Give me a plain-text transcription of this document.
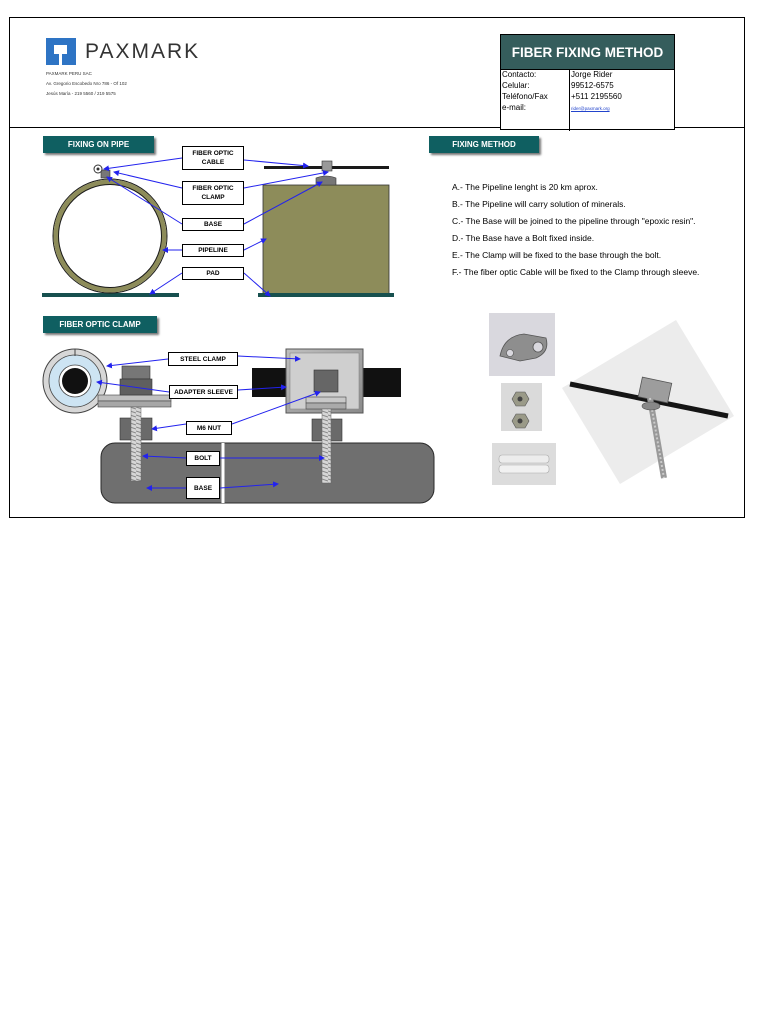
PAXMARK
PAXMARK PERU SAC
Av. Gregorio Escobedo Nro 786 - Of 102
Jesús María - 219 5560 / 219 5575
FIBER FIXING METHOD
Contacto:	Jorge Rider
Celular:	99512-6575
Teléfono/Fax	+511 2195560
e-mail:	rider@paxmark.org
FIXING ON PIPE	FIXING METHOD
FIBER OPTIC CLAMP
FIBER OPTIC CABLE
FIBER OPTIC CLAMP
BASE
PIPELINE
PAD
STEEL CLAMP
ADAPTER SLEEVE
M6 NUT
BOLT
BASE
A.- The Pipeline lenght is 20 km aprox.
B.- The Pipeline will carry solution of minerals.
C.- The Base will be joined to the pipeline through "epoxic resin".
D.- The Base have a Bolt fixed inside.
E.- The Clamp will be fixed to the base through the bolt.
F.- The fiber optic Cable will be fixed to the Clamp through sleeve.
